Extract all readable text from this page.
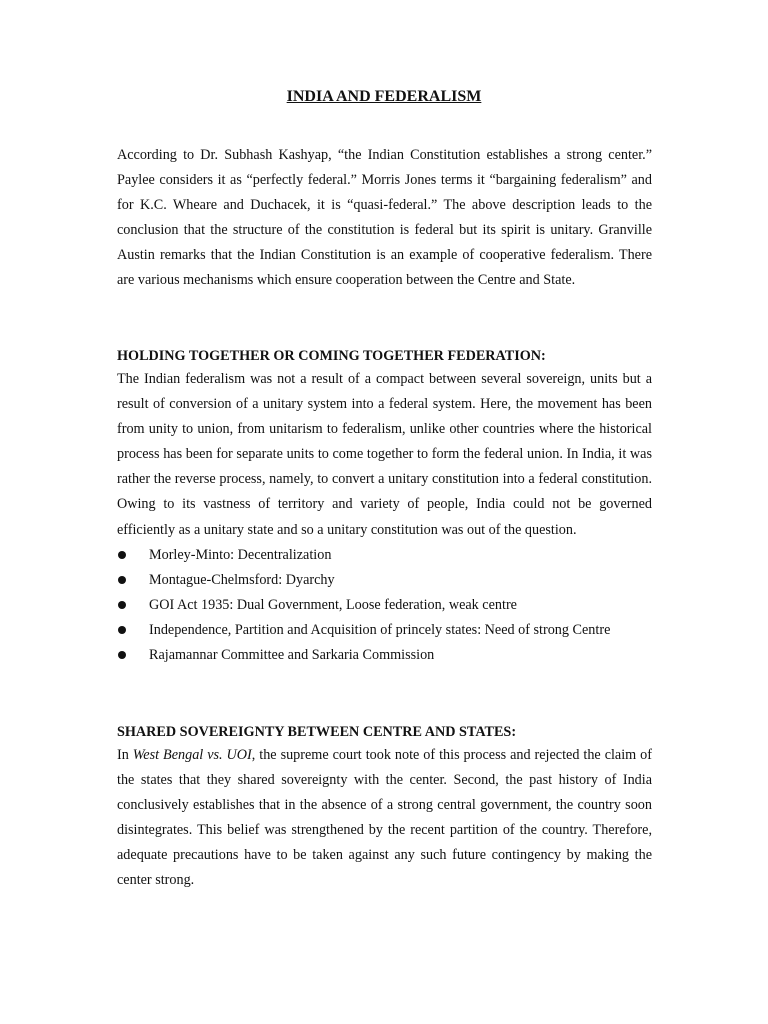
INDIA AND FEDERALISM

According to Dr. Subhash Kashyap, “the Indian Constitution establishes a strong center.” Paylee considers it as “perfectly federal.” Morris Jones terms it “bargaining federalism” and for K.C. Wheare and Duchacek, it is “quasi-federal.” The above description leads to the conclusion that the structure of the constitution is federal but its spirit is unitary. Granville Austin remarks that the Indian Constitution is an example of cooperative federalism. There are various mechanisms which ensure cooperation between the Centre and State.

HOLDING TOGETHER OR COMING TOGETHER FEDERATION:

The Indian federalism was not a result of a compact between several sovereign, units but a result of conversion of a unitary system into a federal system. Here, the movement has been from unity to union, from unitarism to federalism, unlike other countries where the historical process has been for separate units to come together to form the federal union. In India, it was rather the reverse process, namely, to convert a unitary constitution into a federal constitution. Owing to its vastness of territory and variety of people, India could not be governed efficiently as a unitary state and so a unitary constitution was out of the question.

Morley-Minto: Decentralization
Montague-Chelmsford: Dyarchy
GOI Act 1935: Dual Government, Loose federation, weak centre
Independence, Partition and Acquisition of princely states: Need of strong Centre
Rajamannar Committee and Sarkaria Commission
SHARED SOVEREIGNTY BETWEEN CENTRE AND STATES:

In West Bengal vs. UOI, the supreme court took note of this process and rejected the claim of the states that they shared sovereignty with the center. Second, the past history of India conclusively establishes that in the absence of a strong central government, the country soon disintegrates. This belief was strengthened by the recent partition of the country. Therefore, adequate precautions have to be taken against any such future contingency by making the center strong.
